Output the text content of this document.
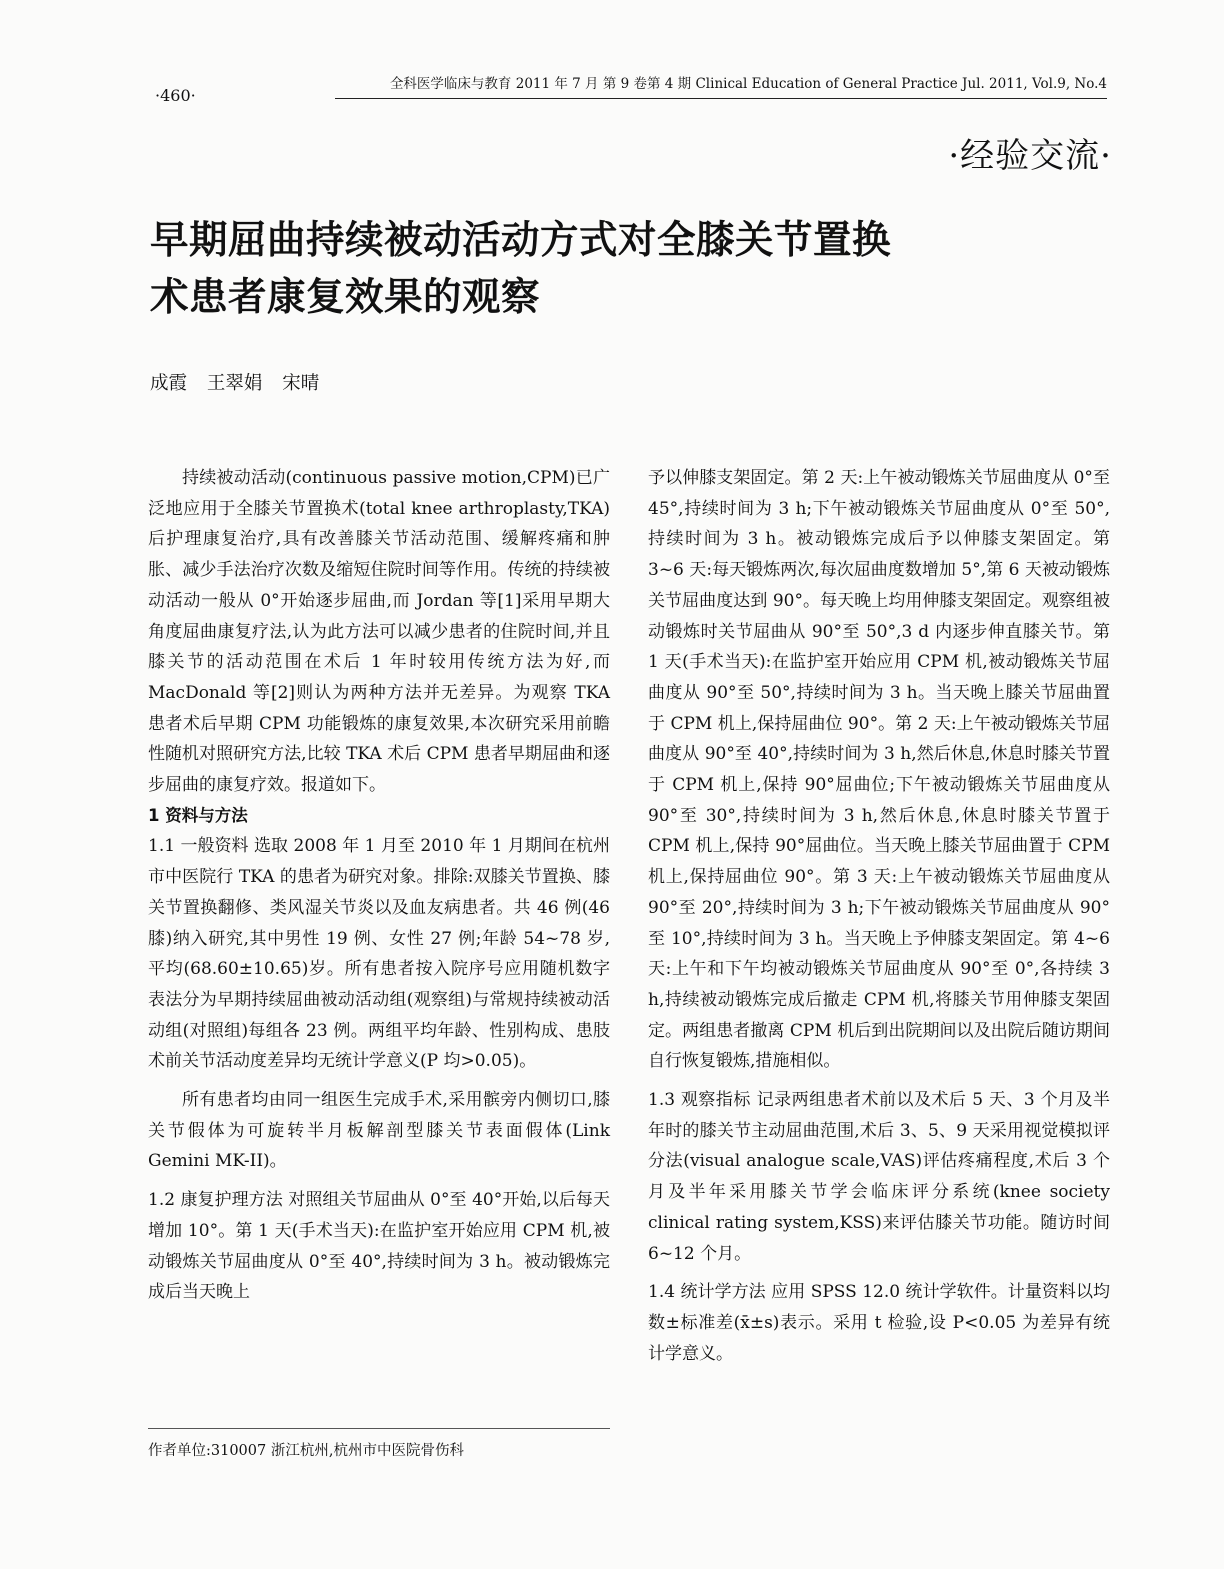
·460·
全科医学临床与教育 2011 年 7 月 第 9 卷第 4 期 Clinical Education of General Practice Jul. 2011, Vol.9, No.4
·经验交流·
早期屈曲持续被动活动方式对全膝关节置换术患者康复效果的观察
成霞 王翠娟 宋晴

持续被动活动(continuous passive motion,CPM)已广泛地应用于全膝关节置换术(total knee arthroplasty,TKA)后护理康复治疗,具有改善膝关节活动范围、缓解疼痛和肿胀、减少手法治疗次数及缩短住院时间等作用。传统的持续被动活动一般从 0°开始逐步屈曲,而 Jordan 等[1]采用早期大角度屈曲康复疗法,认为此方法可以减少患者的住院时间,并且膝关节的活动范围在术后 1 年时较用传统方法为好,而 MacDonald 等[2]则认为两种方法并无差异。为观察 TKA 患者术后早期 CPM 功能锻炼的康复效果,本次研究采用前瞻性随机对照研究方法,比较 TKA 术后 CPM 患者早期屈曲和逐步屈曲的康复疗效。报道如下。

1 资料与方法

1.1 一般资料 选取 2008 年 1 月至 2010 年 1 月期间在杭州市中医院行 TKA 的患者为研究对象。排除:双膝关节置换、膝关节置换翻修、类风湿关节炎以及血友病患者。共 46 例(46 膝)纳入研究,其中男性 19 例、女性 27 例;年龄 54~78 岁,平均(68.60±10.65)岁。所有患者按入院序号应用随机数字表法分为早期持续屈曲被动活动组(观察组)与常规持续被动活动组(对照组)每组各 23 例。两组平均年龄、性别构成、患肢术前关节活动度差异均无统计学意义(P 均>0.05)。

所有患者均由同一组医生完成手术,采用髌旁内侧切口,膝关节假体为可旋转半月板解剖型膝关节表面假体(Link Gemini MK-II)。

1.2 康复护理方法 对照组关节屈曲从 0°至 40°开始,以后每天增加 10°。第 1 天(手术当天):在监护室开始应用 CPM 机,被动锻炼关节屈曲度从 0°至 40°,持续时间为 3 h。被动锻炼完成后当天晚上

予以伸膝支架固定。第 2 天:上午被动锻炼关节屈曲度从 0°至 45°,持续时间为 3 h;下午被动锻炼关节屈曲度从 0°至 50°,持续时间为 3 h。被动锻炼完成后予以伸膝支架固定。第 3~6 天:每天锻炼两次,每次屈曲度数增加 5°,第 6 天被动锻炼关节屈曲度达到 90°。每天晚上均用伸膝支架固定。观察组被动锻炼时关节屈曲从 90°至 50°,3 d 内逐步伸直膝关节。第 1 天(手术当天):在监护室开始应用 CPM 机,被动锻炼关节屈曲度从 90°至 50°,持续时间为 3 h。当天晚上膝关节屈曲置于 CPM 机上,保持屈曲位 90°。第 2 天:上午被动锻炼关节屈曲度从 90°至 40°,持续时间为 3 h,然后休息,休息时膝关节置于 CPM 机上,保持 90°屈曲位;下午被动锻炼关节屈曲度从 90°至 30°,持续时间为 3 h,然后休息,休息时膝关节置于 CPM 机上,保持 90°屈曲位。当天晚上膝关节屈曲置于 CPM 机上,保持屈曲位 90°。第 3 天:上午被动锻炼关节屈曲度从 90°至 20°,持续时间为 3 h;下午被动锻炼关节屈曲度从 90°至 10°,持续时间为 3 h。当天晚上予伸膝支架固定。第 4~6 天:上午和下午均被动锻炼关节屈曲度从 90°至 0°,各持续 3 h,持续被动锻炼完成后撤走 CPM 机,将膝关节用伸膝支架固定。两组患者撤离 CPM 机后到出院期间以及出院后随访期间自行恢复锻炼,措施相似。

1.3 观察指标 记录两组患者术前以及术后 5 天、3 个月及半年时的膝关节主动屈曲范围,术后 3、5、9 天采用视觉模拟评分法(visual analogue scale,VAS)评估疼痛程度,术后 3 个月及半年采用膝关节学会临床评分系统(knee society clinical rating system,KSS)来评估膝关节功能。随访时间 6~12 个月。

1.4 统计学方法 应用 SPSS 12.0 统计学软件。计量资料以均数±标准差(x̄±s)表示。采用 t 检验,设 P<0.05 为差异有统计学意义。

作者单位:310007 浙江杭州,杭州市中医院骨伤科
